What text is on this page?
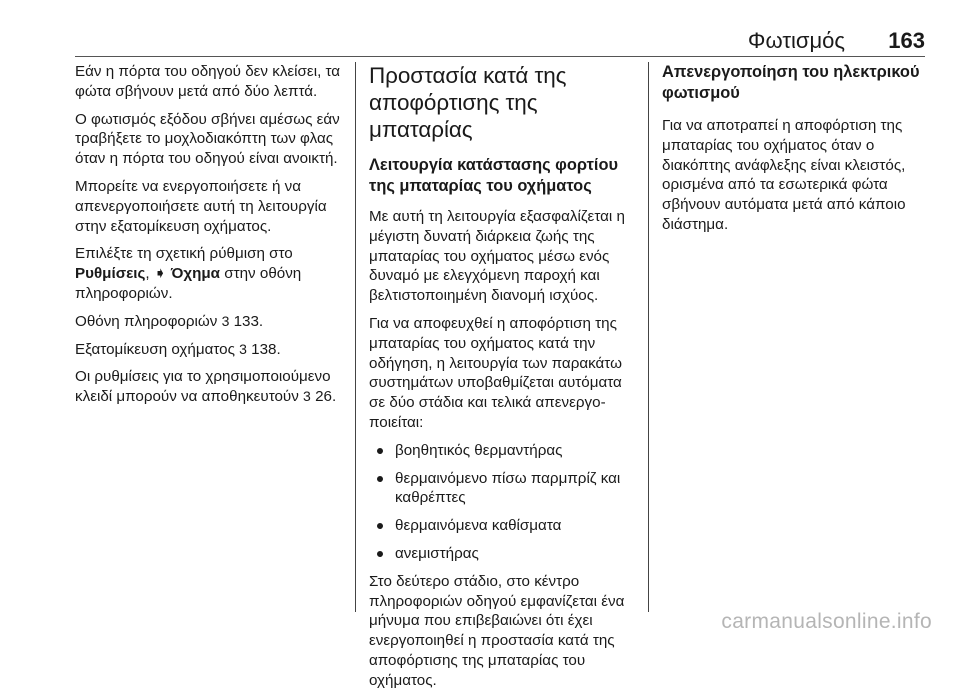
Φωτισμός 163

Εάν η πόρτα του οδηγού δεν κλείσει, τα φώτα σβήνουν μετά από δύο λεπτά.

Ο φωτισμός εξόδου σβήνει αμέσως εάν τραβήξετε το μοχλοδιακόπτη των φλας όταν η πόρτα του οδηγού είναι ανοικτή.

Μπορείτε να ενεργοποιήσετε ή να απενεργοποιήσετε αυτή τη λειτουργία στην εξατομίκευση οχήματος.

Επιλέξτε τη σχετική ρύθμιση στο Ρυθμίσεις, ➧ Όχημα στην οθόνη πληροφοριών.

Οθόνη πληροφοριών 3 133.

Εξατομίκευση οχήματος 3 138.

Οι ρυθμίσεις για το χρησιμοποιούμενο κλειδί μπορούν να αποθηκευτούν 3 26.

Προστασία κατά της αποφόρτισης της μπαταρίας
Λειτουργία κατάστασης φορτίου της μπαταρίας του οχήματος

Με αυτή τη λειτουργία εξασφαλίζεται η μέγιστη δυνατή διάρκεια ζωής της μπαταρίας του οχήματος μέσω ενός δυναμό με ελεγχόμενη παροχή και βελτιστοποιημένη διανομή ισχύος.

Για να αποφευχθεί η αποφόρτιση της μπαταρίας του οχήματος κατά την οδήγηση, η λειτουργία των παρακάτω συστημάτων υποβαθμίζεται αυτόματα σε δύο στάδια και τελικά απενεργοποιείται:

βοηθητικός θερμαντήρας
θερμαινόμενο πίσω παρμπρίζ και καθρέπτες
θερμαινόμενα καθίσματα
ανεμιστήρας

Στο δεύτερο στάδιο, στο κέντρο πληροφοριών οδηγού εμφανίζεται ένα μήνυμα που επιβεβαιώνει ότι έχει ενεργοποιηθεί η προστασία κατά της αποφόρτισης της μπαταρίας του οχήματος.

Απενεργοποίηση του ηλεκτρικού φωτισμού

Για να αποτραπεί η αποφόρτιση της μπαταρίας του οχήματος όταν ο διακόπτης ανάφλεξης είναι κλειστός, ορισμένα από τα εσωτερικά φώτα σβήνουν αυτόματα μετά από κάποιο διάστημα.

carmanualsonline.info
